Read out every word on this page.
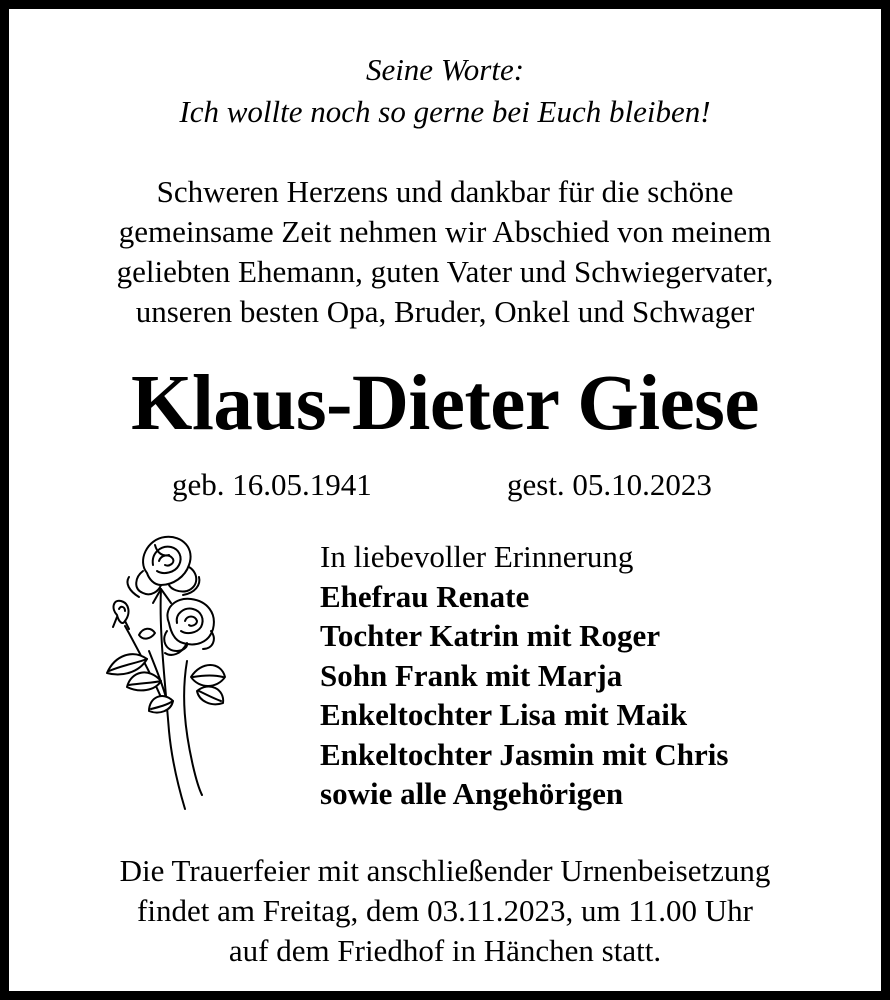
Seine Worte:
Ich wollte noch so gerne bei Euch bleiben!
Schweren Herzens und dankbar für die schöne
gemeinsame Zeit nehmen wir Abschied von meinem
geliebten Ehemann, guten Vater und Schwiegervater,
unseren besten Opa, Bruder, Onkel und Schwager
Klaus-Dieter Giese
geb. 16.05.1941	gest. 05.10.2023
In liebevoller Erinnerung
Ehefrau Renate
Tochter Katrin mit Roger
Sohn Frank mit Marja
Enkeltochter Lisa mit Maik
Enkeltochter Jasmin mit Chris
sowie alle Angehörigen
Die Trauerfeier mit anschließender Urnenbeisetzung
findet am Freitag, dem 03.11.2023, um 11.00 Uhr
auf dem Friedhof in Hänchen statt.
